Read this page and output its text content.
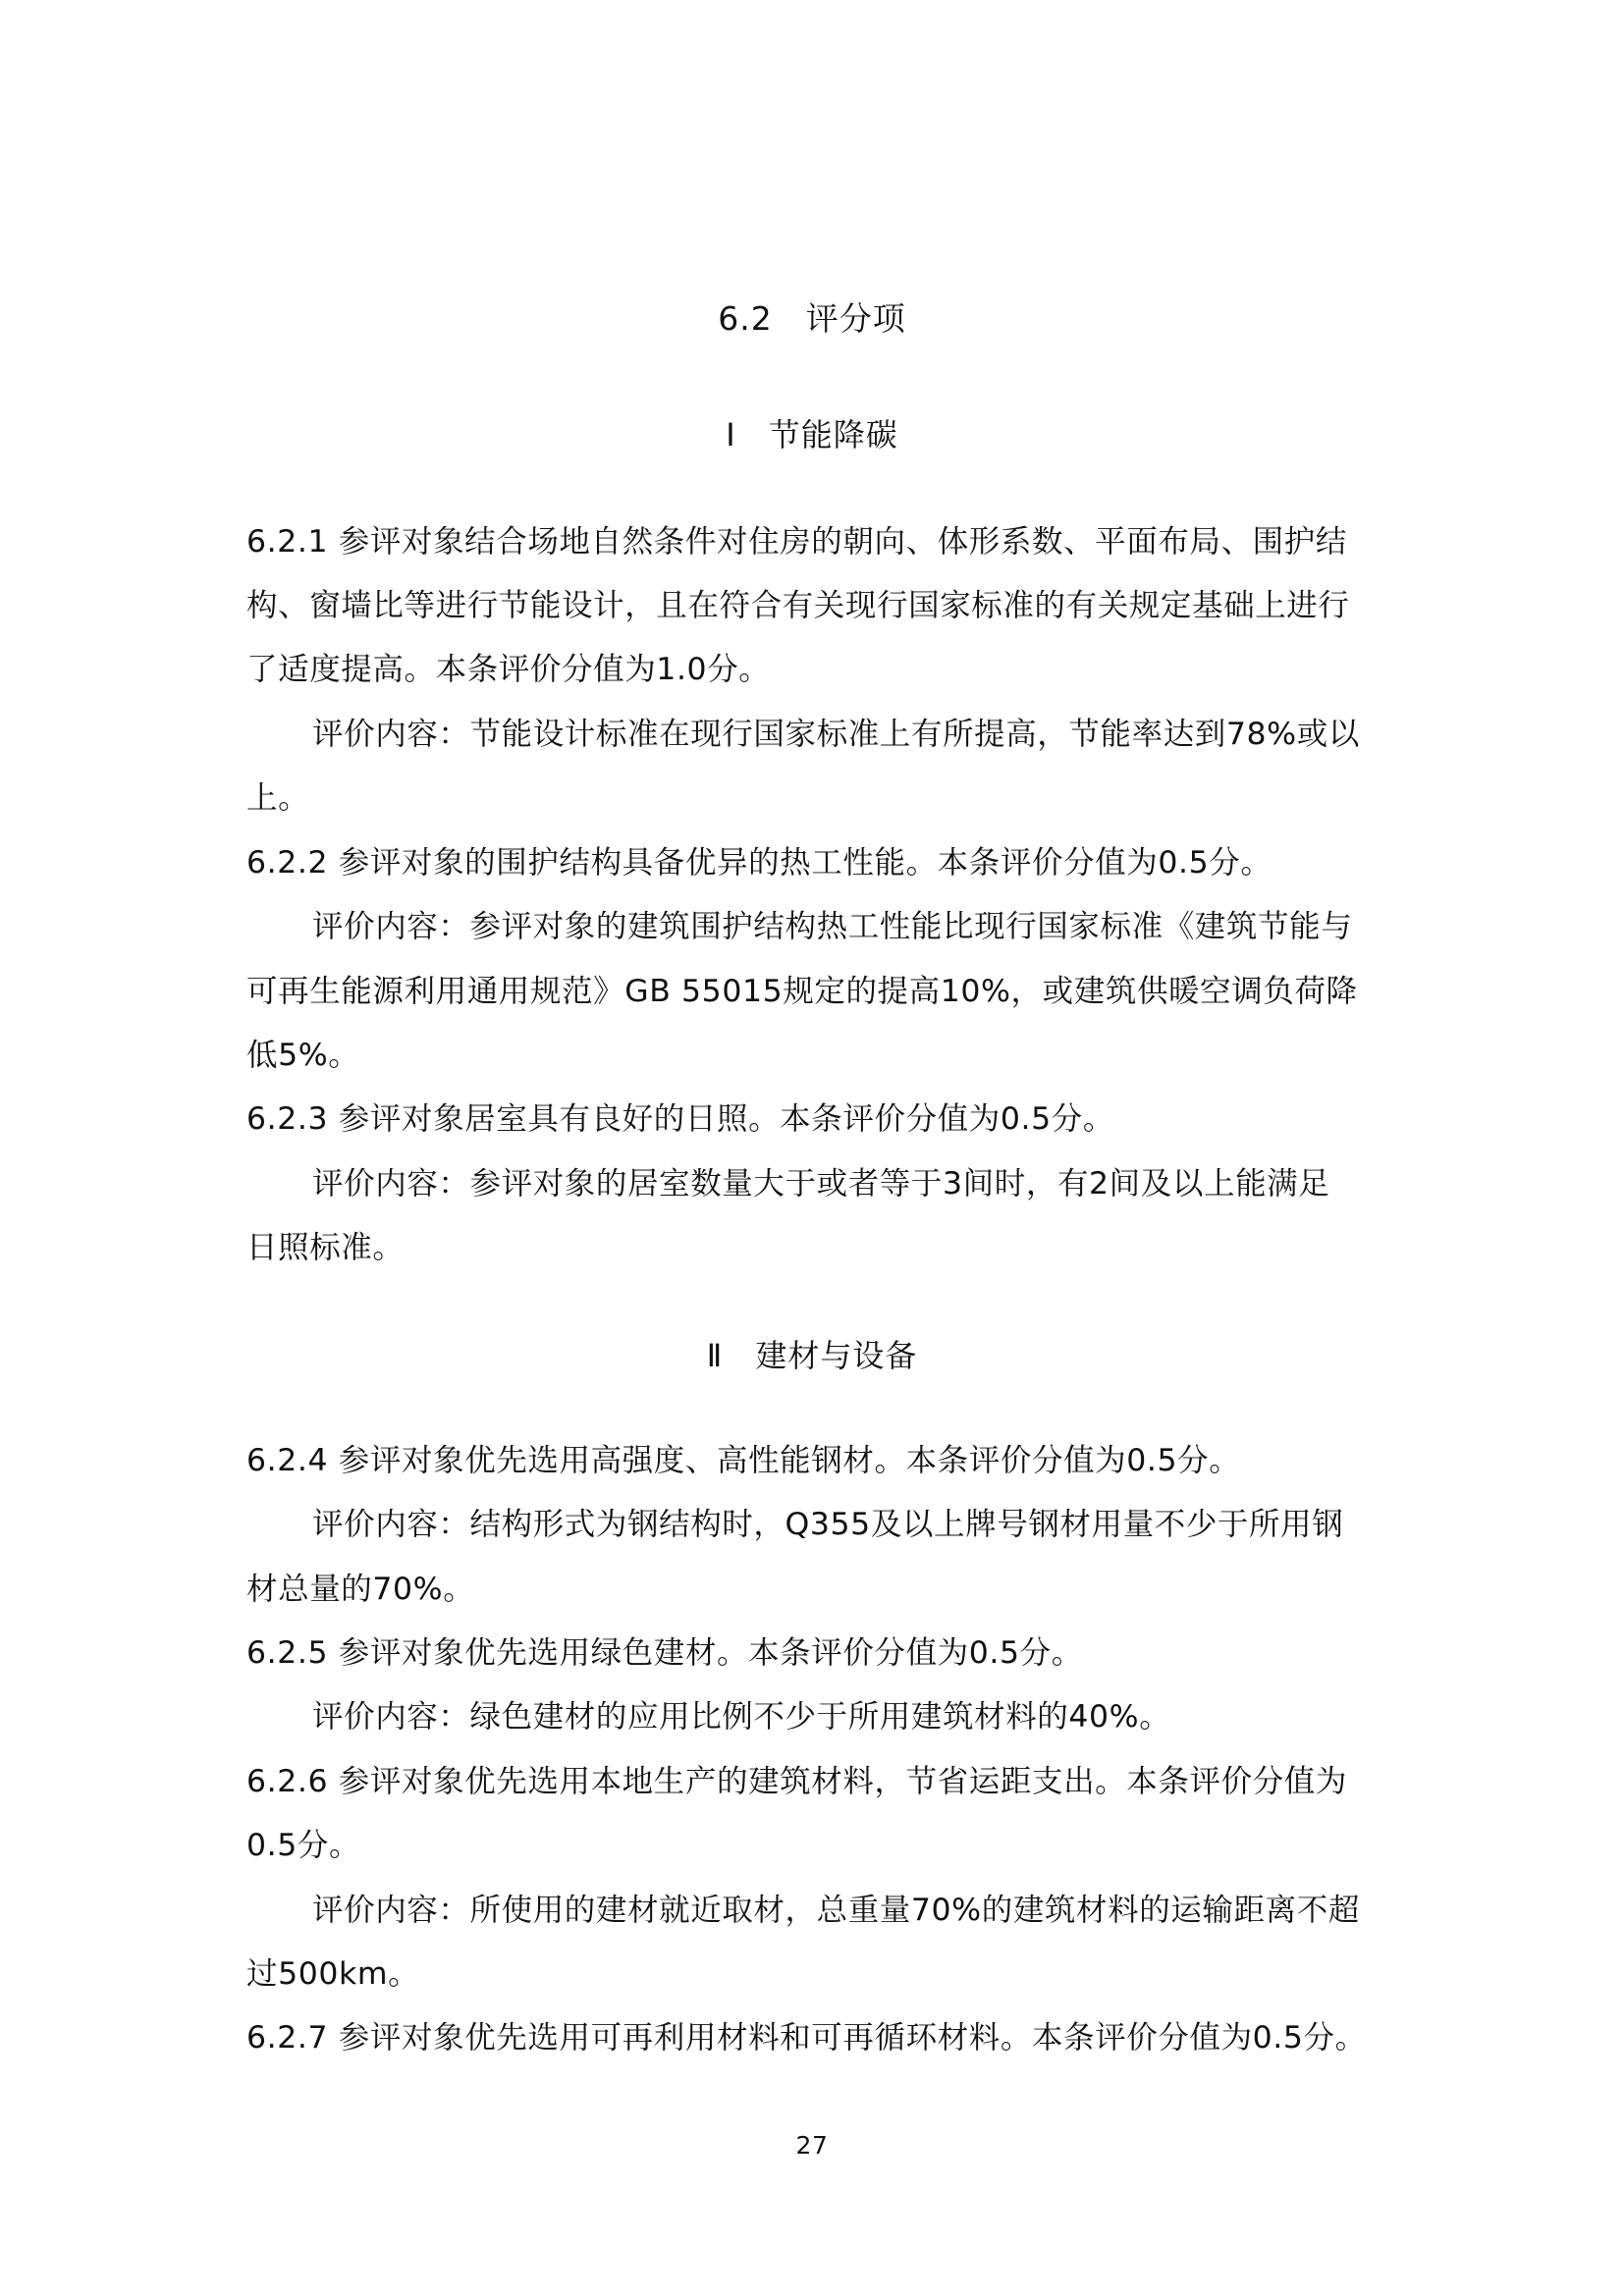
6.2　评分项
Ⅰ　节能降碳
6.2.1 参评对象结合场地自然条件对住房的朝向、体形系数、平面布局、围护结
构、窗墙比等进行节能设计，且在符合有关现行国家标准的有关规定基础上进行
了适度提高。本条评价分值为1.0分。
评价内容：节能设计标准在现行国家标准上有所提高，节能率达到78%或以
上。
6.2.2 参评对象的围护结构具备优异的热工性能。本条评价分值为0.5分。
评价内容：参评对象的建筑围护结构热工性能比现行国家标准《建筑节能与
可再生能源利用通用规范》GB 55015规定的提高10%，或建筑供暖空调负荷降
低5%。
6.2.3 参评对象居室具有良好的日照。本条评价分值为0.5分。
评价内容：参评对象的居室数量大于或者等于3间时，有2间及以上能满足
日照标准。
Ⅱ　建材与设备
6.2.4 参评对象优先选用高强度、高性能钢材。本条评价分值为0.5分。
评价内容：结构形式为钢结构时，Q355及以上牌号钢材用量不少于所用钢
材总量的70%。
6.2.5 参评对象优先选用绿色建材。本条评价分值为0.5分。
评价内容：绿色建材的应用比例不少于所用建筑材料的40%。
6.2.6 参评对象优先选用本地生产的建筑材料，节省运距支出。本条评价分值为
0.5分。
评价内容：所使用的建材就近取材，总重量70%的建筑材料的运输距离不超
过500km。
6.2.7 参评对象优先选用可再利用材料和可再循环材料。本条评价分值为0.5分。
27
